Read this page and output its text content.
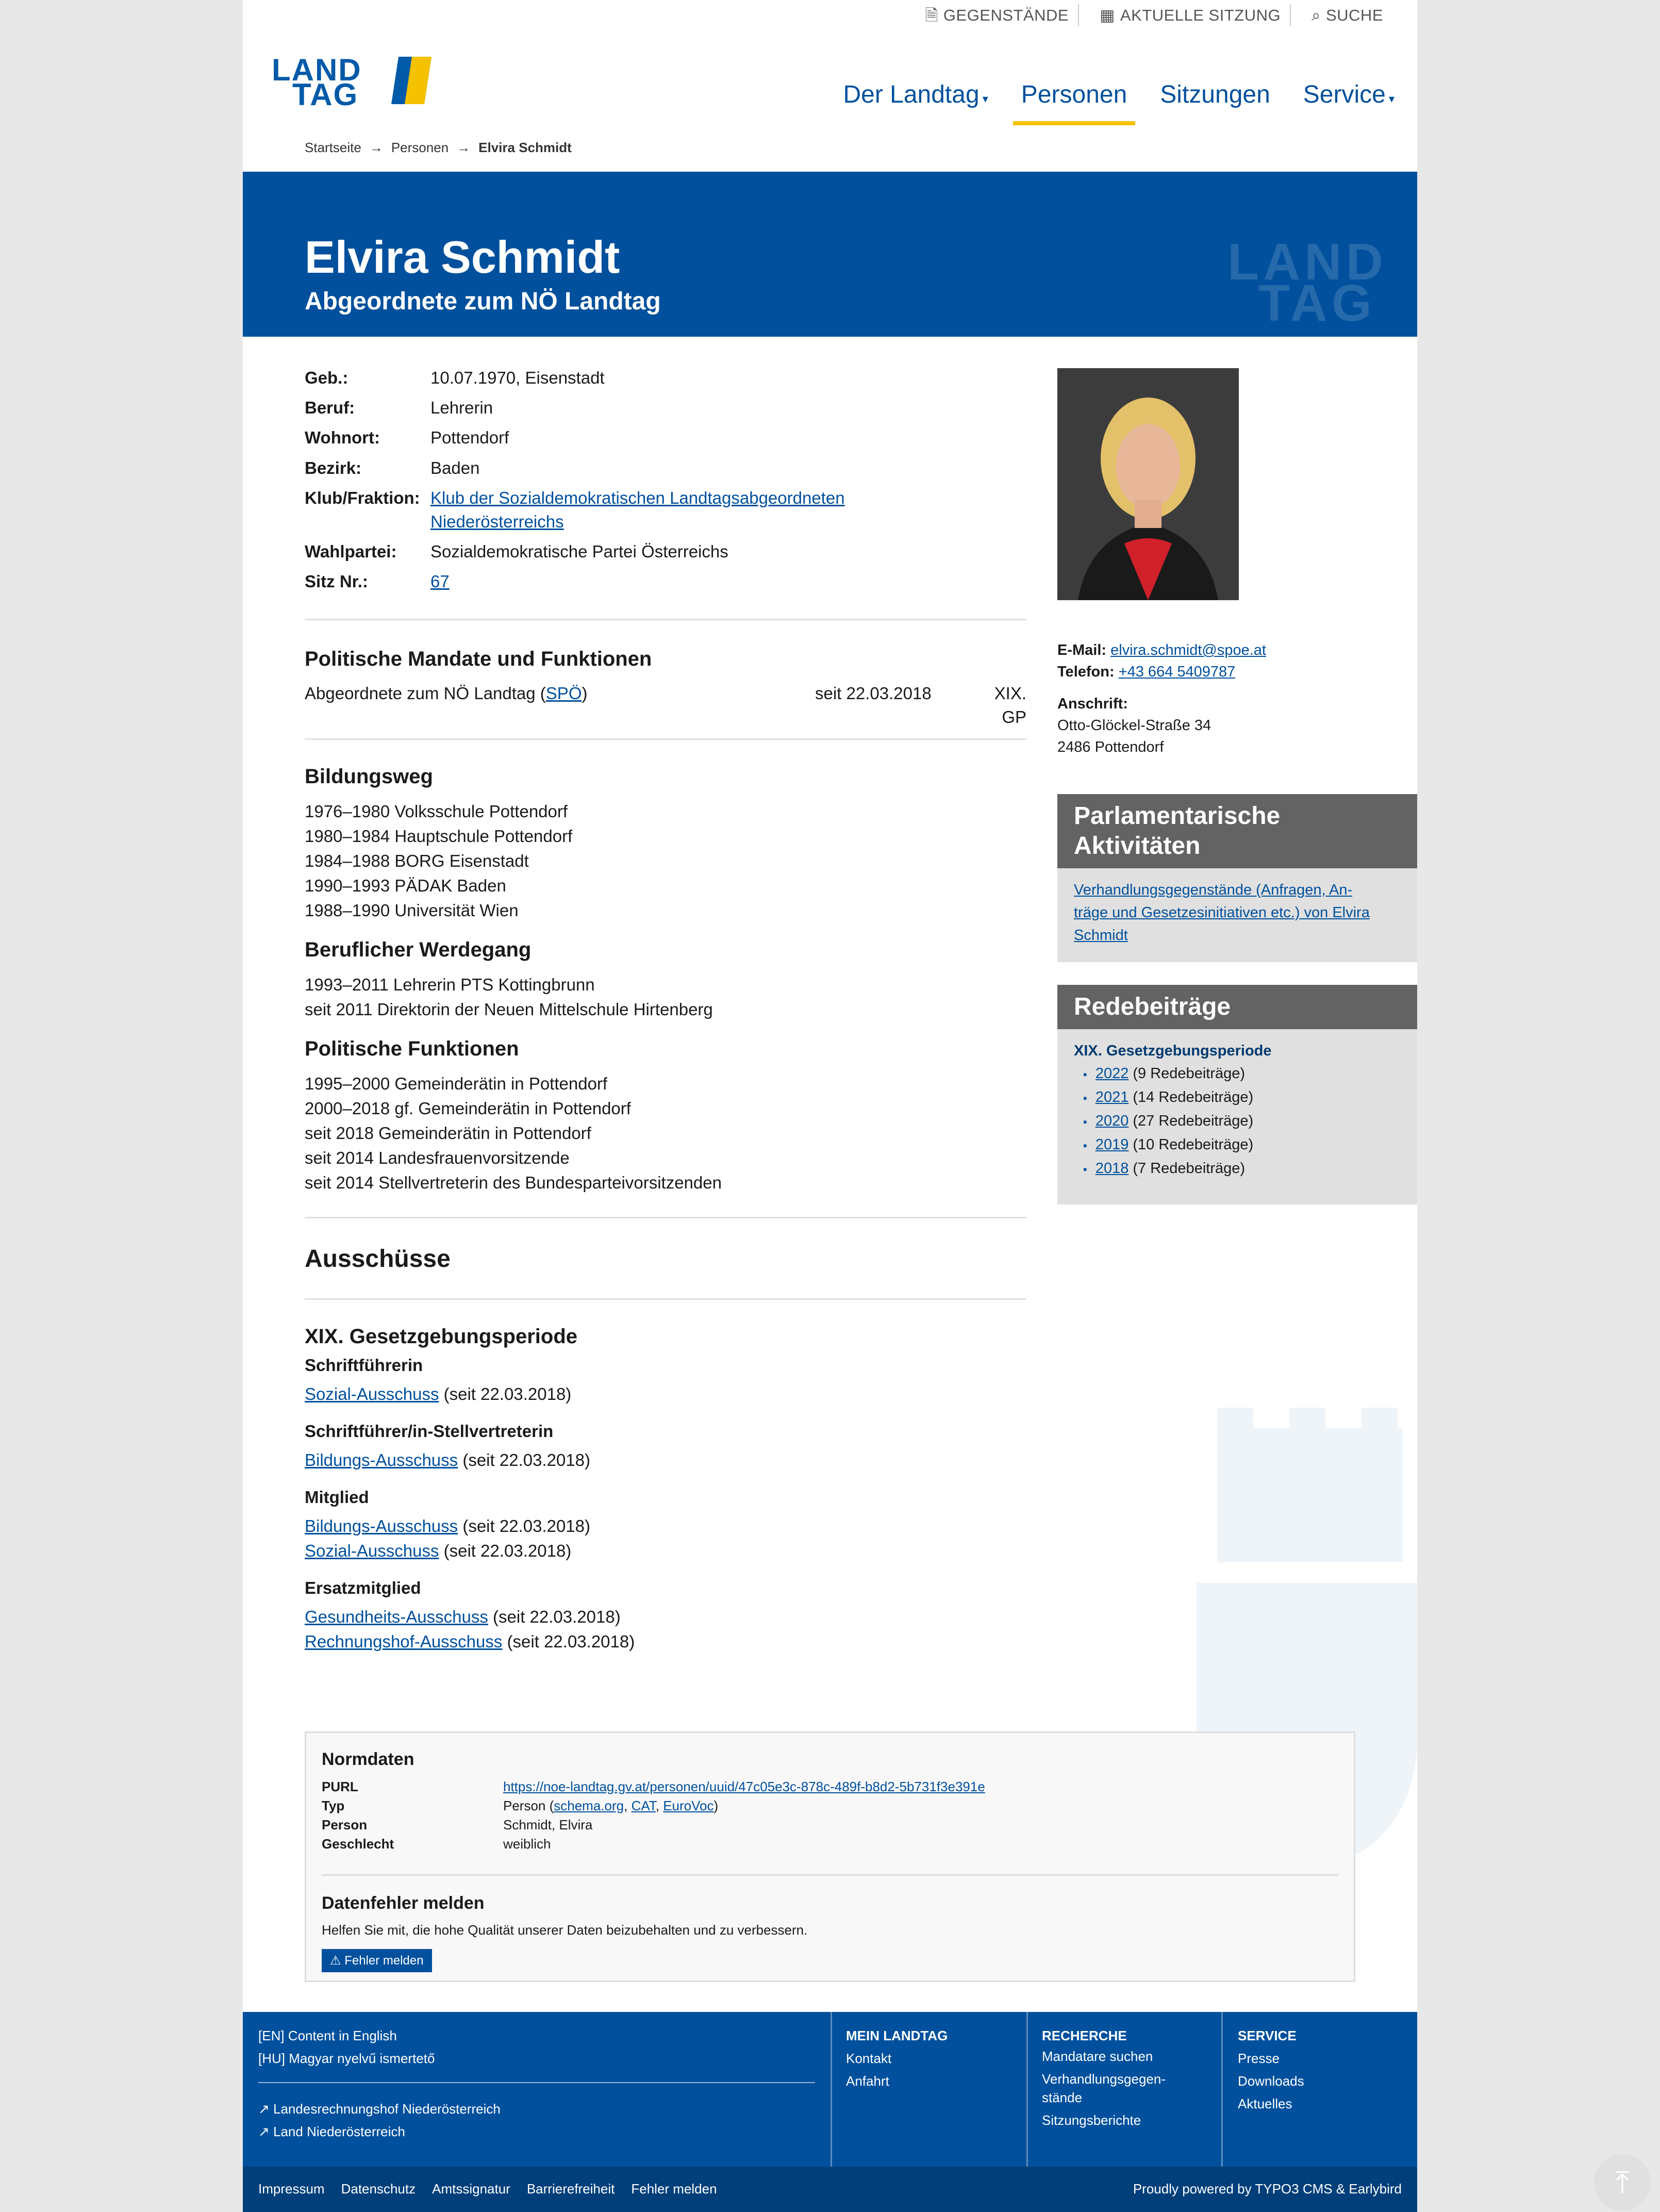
🗎 GEGENSTÄNDE ▦ AKTUELLE SITZUNG ⌕ SUCHE
LAND
TAG	Der Landtag ▾ Personen Sitzungen Service ▾
Startseite → Personen → Elvira Schmidt
Elvira Schmidt
Abgeordnete zum NÖ Landtag
LAND
TAG
Geb.:	10.07.1970, Eisenstadt
Beruf:	Lehrerin
Wohnort:	Pottendorf
Bezirk:	Baden
Klub/Fraktion: Klub der Sozialdemokratischen Landtagsabgeordneten
Niederösterreichs
Wahlpartei:	Sozialdemokratische Partei Österreichs
Sitz Nr.:	67
E-Mail: elvira.schmidt@spoe.at
Telefon: +43 664 5409787
Anschrift:
Otto-Glöckel-Straße 34
2486 Pottendorf
Politische Mandate und Funktionen
Abgeordnete zum NÖ Landtag (SPÖ)	seit 22.03.2018	XIX. GP
Bildungsweg
1976–1980 Volksschule Pottendorf
1980–1984 Hauptschule Pottendorf
1984–1988 BORG Eisenstadt
1990–1993 PÄDAK Baden
1988–1990 Universität Wien
Beruflicher Werdegang
1993–2011 Lehrerin PTS Kottingbrunn
seit 2011 Direktorin der Neuen Mittelschule Hirtenberg
Politische Funktionen
1995–2000 Gemeinderätin in Pottendorf
2000–2018 gf. Gemeinderätin in Pottendorf
seit 2018 Gemeinderätin in Pottendorf
seit 2014 Landesfrauenvorsitzende
seit 2014 Stellvertreterin des Bundesparteivorsitzenden
Ausschüsse
XIX. Gesetzgebungsperiode
Schriftführerin
Sozial-Ausschuss (seit 22.03.2018)
Schriftführer/in-Stellvertreterin
Bildungs-Ausschuss (seit 22.03.2018)
Mitglied
Bildungs-Ausschuss (seit 22.03.2018)
Sozial-Ausschuss (seit 22.03.2018)
Ersatzmitglied
Gesundheits-Ausschuss (seit 22.03.2018)
Rechnungshof-Ausschuss (seit 22.03.2018)
Parlamentarische
Aktivitäten
Verhandlungsgegenstände (Anfragen, An-
träge und Gesetzesinitiativen etc.) von Elvira
Schmidt
Redebeiträge
XIX. Gesetzgebungsperiode
▪ 2022 (9 Redebeiträge)
▪ 2021 (14 Redebeiträge)
▪ 2020 (27 Redebeiträge)
▪ 2019 (10 Redebeiträge)
▪ 2018 (7 Redebeiträge)
Normdaten
PURL	https://noe-landtag.gv.at/personen/uuid/47c05e3c-878c-489f-b8d2-5b731f3e391e
Typ	Person (schema.org, CAT, EuroVoc)
Person	Schmidt, Elvira
Geschlecht	weiblich
Datenfehler melden
Helfen Sie mit, die hohe Qualität unserer Daten beizubehalten und zu verbessern.
⚠ Fehler melden
[EN] Content in English
[HU] Magyar nyelvű ismertető
↗ Landesrechnungshof Niederösterreich
↗ Land Niederösterreich
MEIN LANDTAG
Kontakt
Anfahrt
RECHERCHE
Mandatare suchen
Verhandlungsgegen-
stände
Sitzungsberichte
SERVICE
Presse
Downloads
Aktuelles
Impressum Datenschutz Amtssignatur Barrierefreiheit Fehler melden	Proudly powered by TYPO3 CMS & Earlybird	⤒
